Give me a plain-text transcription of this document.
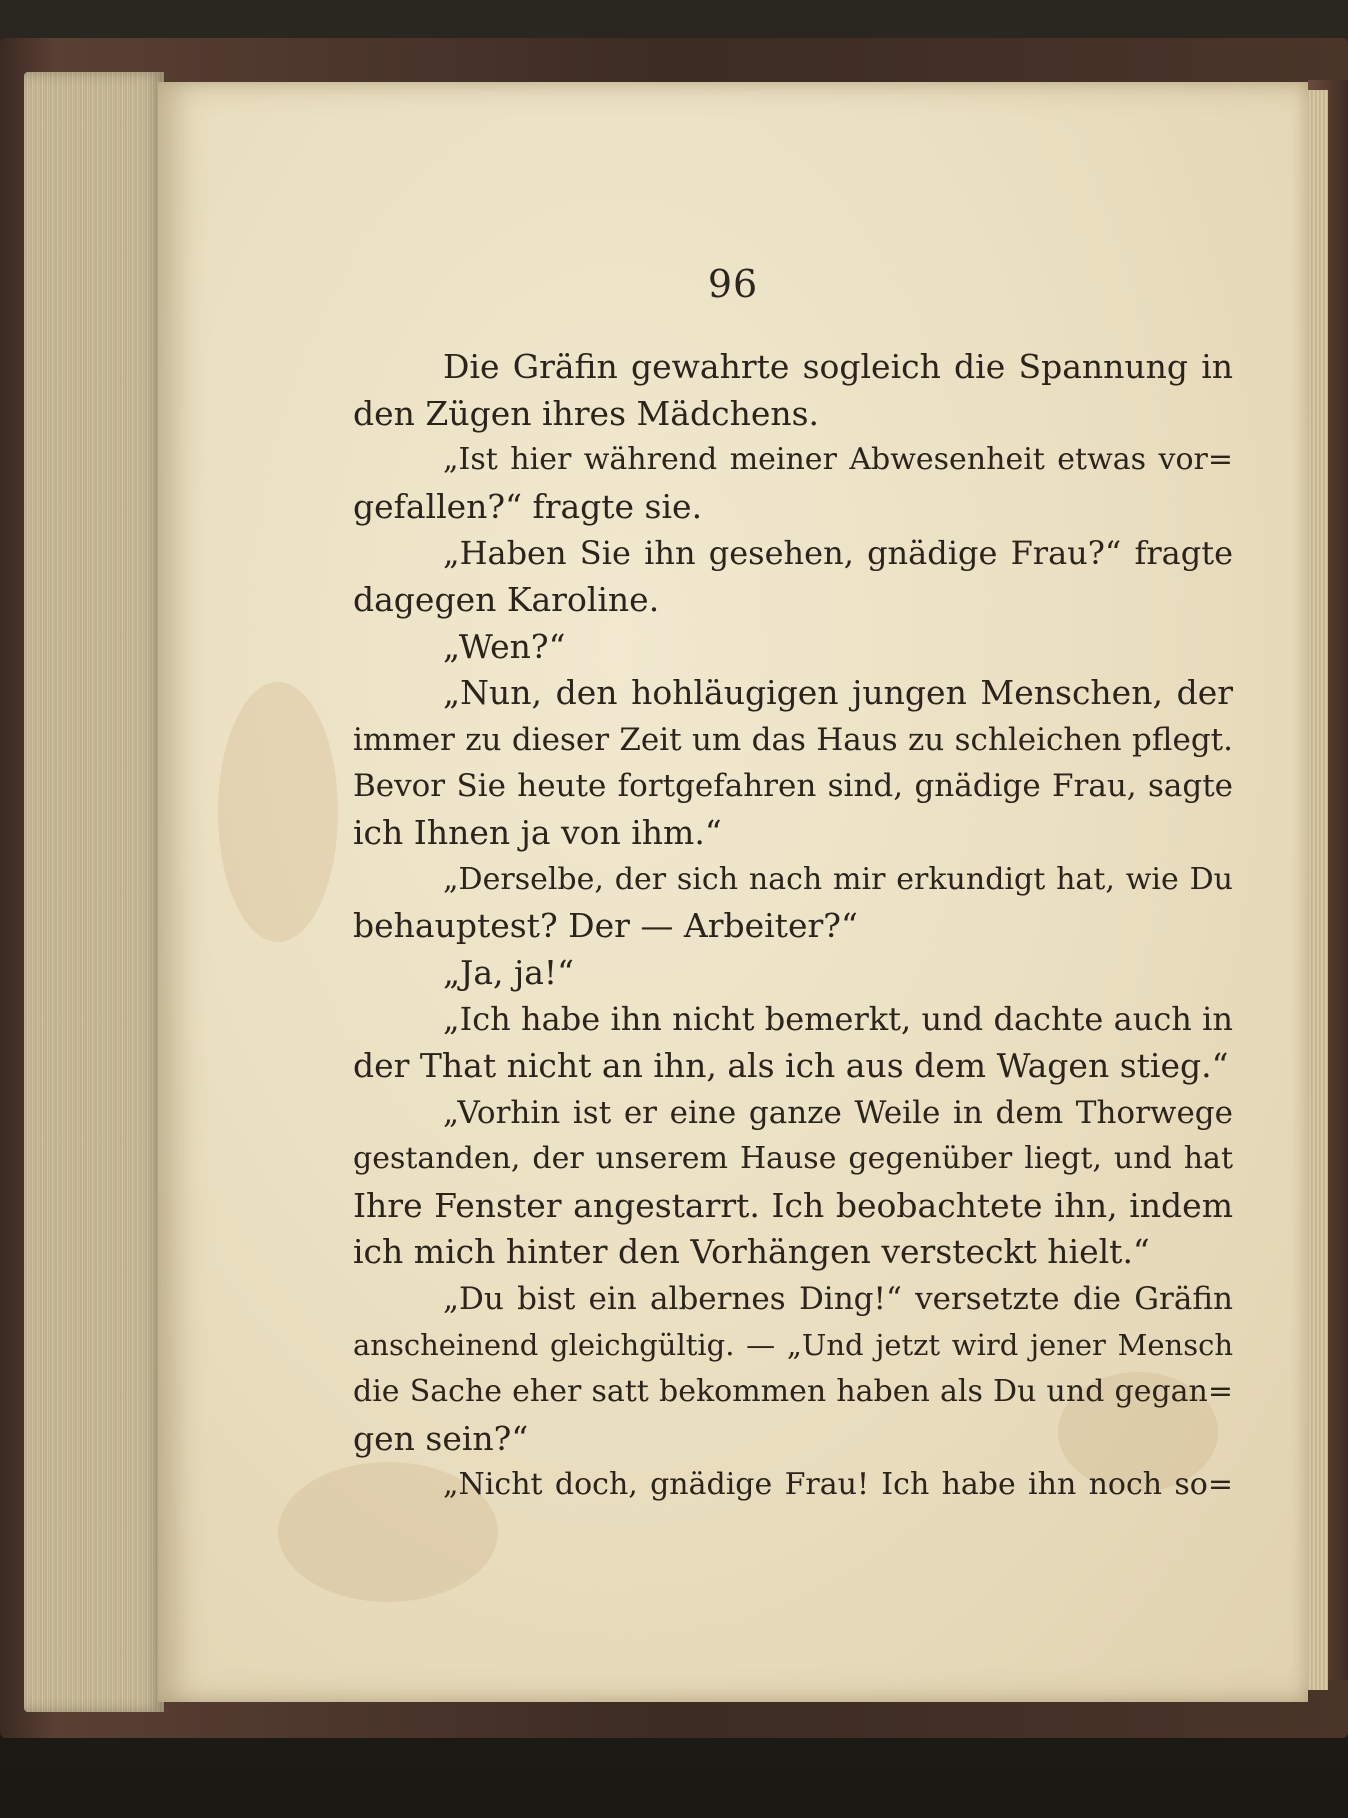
96
Die Gräfin gewahrte sogleich die Spannung in
den Zügen ihres Mädchens.
„Ist hier während meiner Abwesenheit etwas vor=
gefallen?“ fragte sie.
„Haben Sie ihn gesehen, gnädige Frau?“ fragte
dagegen Karoline.
„Wen?“
„Nun, den hohläugigen jungen Menschen, der
immer zu dieser Zeit um das Haus zu schleichen pflegt.
Bevor Sie heute fortgefahren sind, gnädige Frau, sagte
ich Ihnen ja von ihm.“
„Derselbe, der sich nach mir erkundigt hat, wie Du
behauptest? Der — Arbeiter?“
„Ja, ja!“
„Ich habe ihn nicht bemerkt, und dachte auch in
der That nicht an ihn, als ich aus dem Wagen stieg.“
„Vorhin ist er eine ganze Weile in dem Thorwege
gestanden, der unserem Hause gegenüber liegt, und hat
Ihre Fenster angestarrt. Ich beobachtete ihn, indem
ich mich hinter den Vorhängen versteckt hielt.“
„Du bist ein albernes Ding!“ versetzte die Gräfin
anscheinend gleichgültig. — „Und jetzt wird jener Mensch
die Sache eher satt bekommen haben als Du und gegan=
gen sein?“
„Nicht doch, gnädige Frau! Ich habe ihn noch so=
